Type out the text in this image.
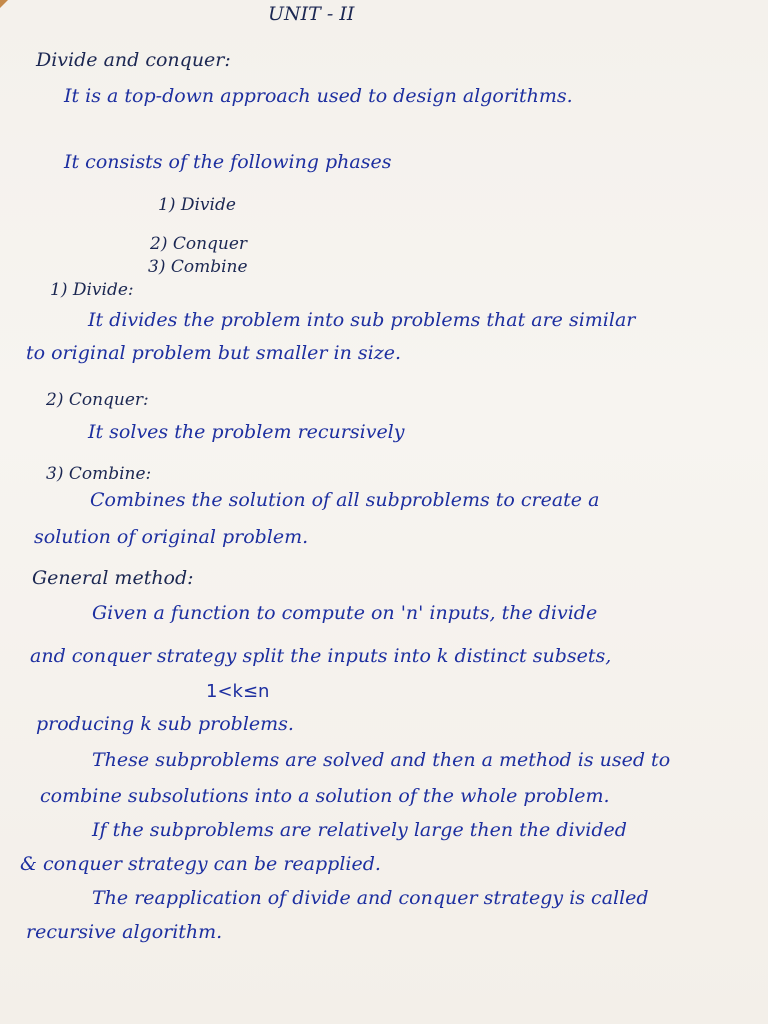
UNIT - II
Divide and conquer:
It is a top-down approach used to design algorithms.
It consists of the following phases
1) Divide
2) Conquer
3) Combine
1) Divide:
It divides the problem into sub problems that are similar
to original problem but smaller in size.
2) Conquer:
It solves the problem recursively
3) Combine:
Combines the solution of all subproblems to create a
solution of original problem.
General method:
Given a function to compute on 'n' inputs, the divide
and conquer strategy split the inputs into k distinct subsets,
1<k≤n
producing k sub problems.
These subproblems are solved and then a method is used to
combine subsolutions into a solution of the whole problem.
If the subproblems are relatively large then the divided
& conquer strategy can be reapplied.
The reapplication of divide and conquer strategy is called
recursive algorithm.
